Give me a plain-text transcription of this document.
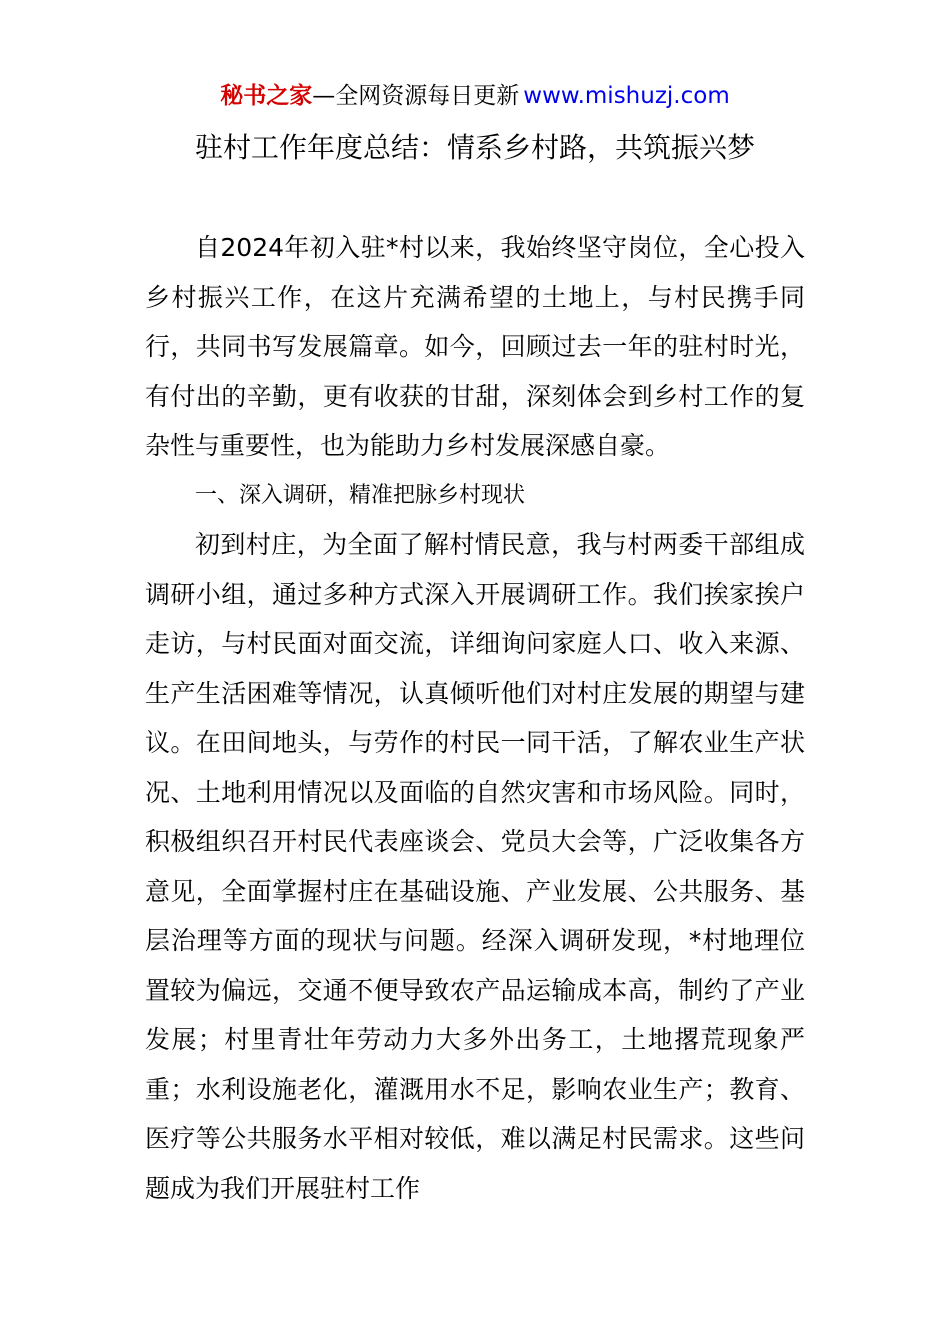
秘书之家—全网资源每日更新 www.mishuzj.com
驻村工作年度总结：情系乡村路，共筑振兴梦

自2024年初入驻*村以来，我始终坚守岗位，全心投入乡村振兴工作，在这片充满希望的土地上，与村民携手同行，共同书写发展篇章。如今，回顾过去一年的驻村时光，有付出的辛勤，更有收获的甘甜，深刻体会到乡村工作的复杂性与重要性，也为能助力乡村发展深感自豪。

一、深入调研，精准把脉乡村现状

初到村庄，为全面了解村情民意，我与村两委干部组成调研小组，通过多种方式深入开展调研工作。我们挨家挨户走访，与村民面对面交流，详细询问家庭人口、收入来源、生产生活困难等情况，认真倾听他们对村庄发展的期望与建议。在田间地头，与劳作的村民一同干活，了解农业生产状况、土地利用情况以及面临的自然灾害和市场风险。同时，积极组织召开村民代表座谈会、党员大会等，广泛收集各方意见，全面掌握村庄在基础设施、产业发展、公共服务、基层治理等方面的现状与问题。经深入调研发现，*村地理位置较为偏远，交通不便导致农产品运输成本高，制约了产业发展；村里青壮年劳动力大多外出务工，土地撂荒现象严重；水利设施老化，灌溉用水不足，影响农业生产；教育、医疗等公共服务水平相对较低，难以满足村民需求。这些问题成为我们开展驻村工作
